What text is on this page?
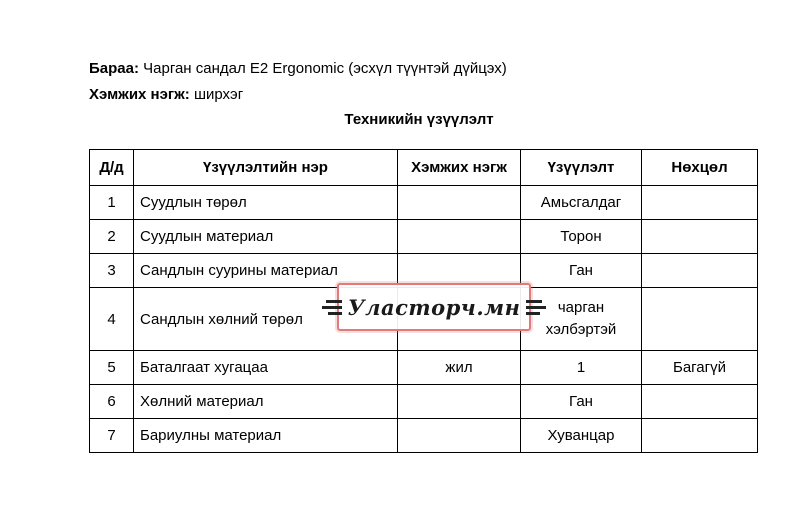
Бараа: Чарган сандал E2 Ergonomic (эсхүл түүнтэй дүйцэх)
Хэмжих нэгж: ширхэг
Техникийн үзүүлэлт
Д/д	Үзүүлэлтийн нэр	Хэмжих нэгж	Үзүүлэлт	Нөхцөл
1	Суудлын төрөл		Амьсгалдаг	
2	Суудлын материал		Торон	
3	Сандлын суурины материал		Ган	
4	Сандлын хөлний төрөл		чарган
хэлбэртэй	

5	Баталгаат хугацаа	жил	1	Багагүй
6	Хөлний материал		Ган	
7	Бариулны материал		Хуванцар	
Уласторч.мн
